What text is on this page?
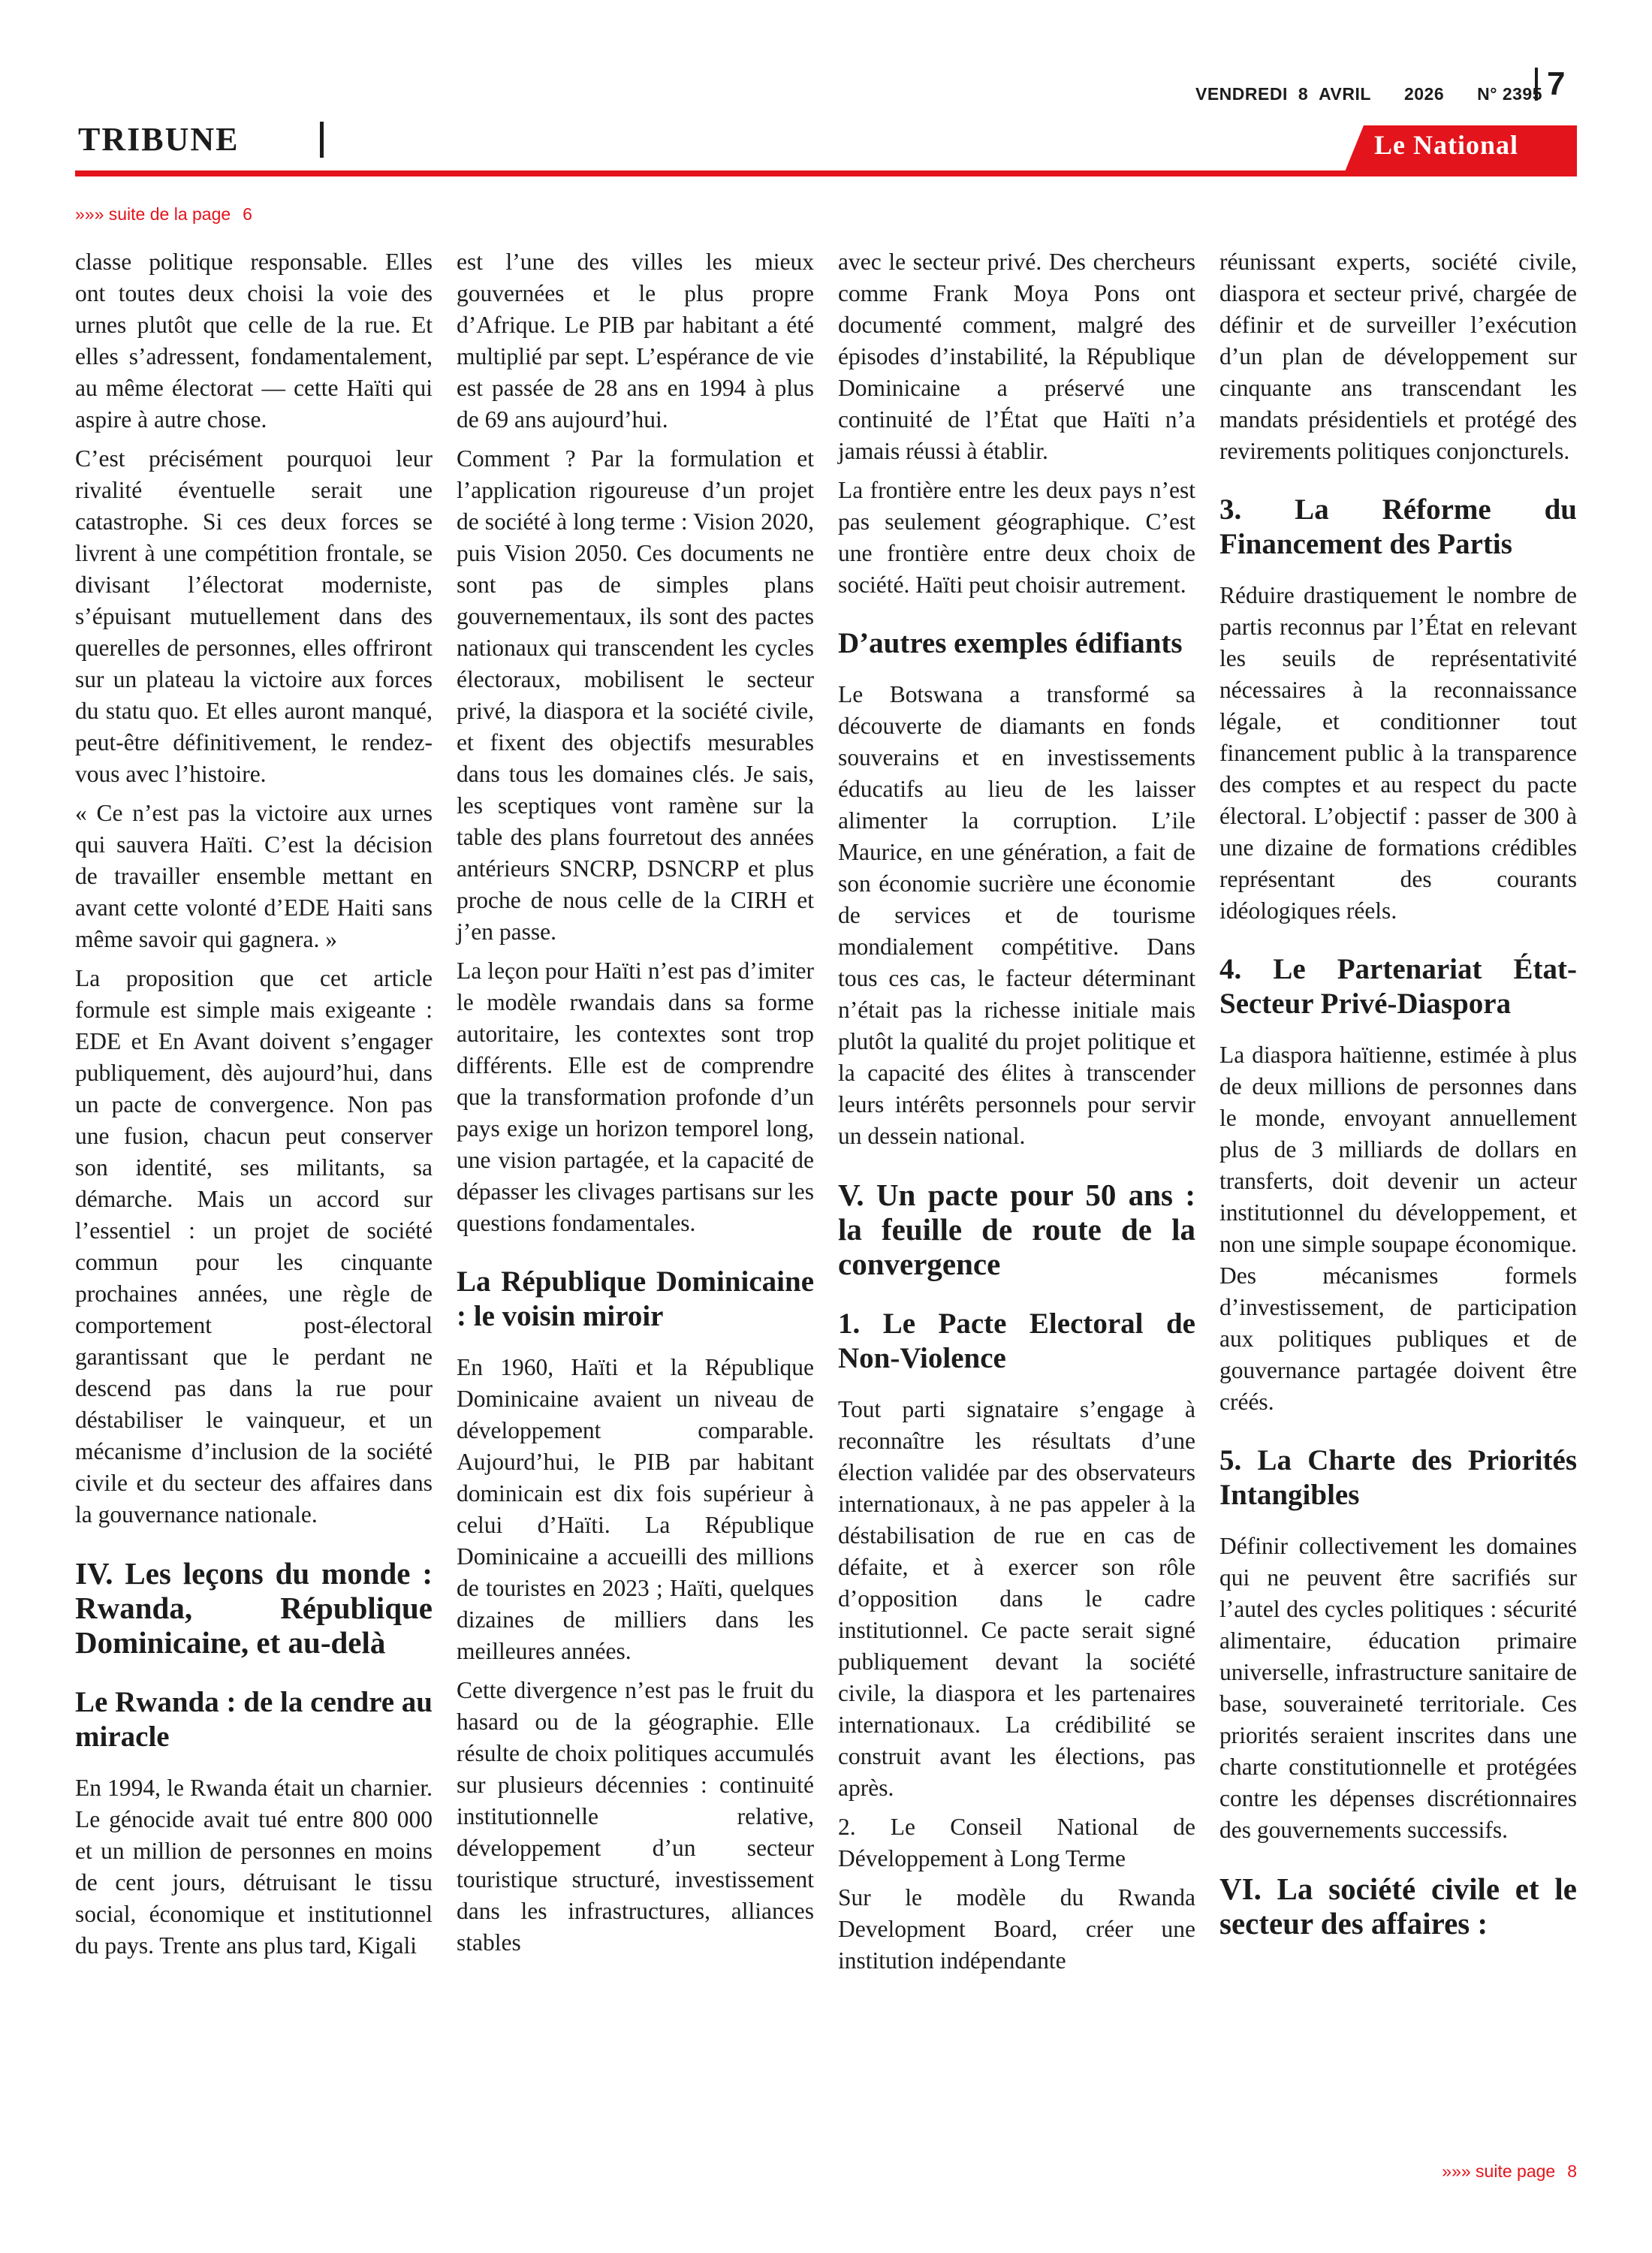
VENDREDI 8 AVRIL 2026 N° 2395 7
TRIBUNE	Le National
»»» suite de la page 6

classe politique responsable. Elles ont toutes deux choisi la voie des urnes plutôt que celle de la rue. Et elles s’adressent, fondamentalement, au même électorat — cette Haïti qui aspire à autre chose.

C’est précisément pourquoi leur rivalité éventuelle serait une catastrophe. Si ces deux forces se livrent à une compétition frontale, se divisant l’électorat moderniste, s’épuisant mutuellement dans des querelles de personnes, elles offriront sur un plateau la victoire aux forces du statu quo. Et elles auront manqué, peut-être définitivement, le rendez-vous avec l’histoire.

« Ce n’est pas la victoire aux urnes qui sauvera Haïti. C’est la décision de travailler ensemble mettant en avant cette volonté d’EDE Haiti sans même savoir qui gagnera. »

La proposition que cet article formule est simple mais exigeante : EDE et En Avant doivent s’engager publiquement, dès aujourd’hui, dans un pacte de convergence. Non pas une fusion, chacun peut conserver son identité, ses militants, sa démarche. Mais un accord sur l’essentiel : un projet de société commun pour les cinquante prochaines années, une règle de comportement post-électoral garantissant que le perdant ne descend pas dans la rue pour déstabiliser le vainqueur, et un mécanisme d’inclusion de la société civile et du secteur des affaires dans la gouvernance nationale.

IV. Les leçons du monde : Rwanda, République Dominicaine, et au-delà
Le Rwanda : de la cendre au miracle

En 1994, le Rwanda était un charnier. Le génocide avait tué entre 800 000 et un million de personnes en moins de cent jours, détruisant le tissu social, économique et institutionnel du pays. Trente ans plus tard, Kigali

est l’une des villes les mieux gouvernées et le plus propre d’Afrique. Le PIB par habitant a été multiplié par sept. L’espérance de vie est passée de 28 ans en 1994 à plus de 69 ans aujourd’hui.

Comment ? Par la formulation et l’application rigoureuse d’un projet de société à long terme : Vision 2020, puis Vision 2050. Ces documents ne sont pas de simples plans gouvernementaux, ils sont des pactes nationaux qui transcendent les cycles électoraux, mobilisent le secteur privé, la diaspora et la société civile, et fixent des objectifs mesurables dans tous les domaines clés. Je sais, les sceptiques vont ramène sur la table des plans fourretout des années antérieurs SNCRP, DSNCRP et plus proche de nous celle de la CIRH et j’en passe.

La leçon pour Haïti n’est pas d’imiter le modèle rwandais dans sa forme autoritaire, les contextes sont trop différents. Elle est de comprendre que la transformation profonde d’un pays exige un horizon temporel long, une vision partagée, et la capacité de dépasser les clivages partisans sur les questions fondamentales.

La République Dominicaine : le voisin miroir

En 1960, Haïti et la République Dominicaine avaient un niveau de développement comparable. Aujourd’hui, le PIB par habitant dominicain est dix fois supérieur à celui d’Haïti. La République Dominicaine a accueilli des millions de touristes en 2023 ; Haïti, quelques dizaines de milliers dans les meilleures années.

Cette divergence n’est pas le fruit du hasard ou de la géographie. Elle résulte de choix politiques accumulés sur plusieurs décennies : continuité institutionnelle relative, développement d’un secteur touristique structuré, investissement dans les infrastructures, alliances stables

avec le secteur privé. Des chercheurs comme Frank Moya Pons ont documenté comment, malgré des épisodes d’instabilité, la République Dominicaine a préservé une continuité de l’État que Haïti n’a jamais réussi à établir.

La frontière entre les deux pays n’est pas seulement géographique. C’est une frontière entre deux choix de société. Haïti peut choisir autrement.

D’autres exemples édifiants

Le Botswana a transformé sa découverte de diamants en fonds souverains et en investissements éducatifs au lieu de les laisser alimenter la corruption. L’ile Maurice, en une génération, a fait de son économie sucrière une économie de services et de tourisme mondialement compétitive. Dans tous ces cas, le facteur déterminant n’était pas la richesse initiale mais plutôt la qualité du projet politique et la capacité des élites à transcender leurs intérêts personnels pour servir un dessein national.

V. Un pacte pour 50 ans : la feuille de route de la convergence
1. Le Pacte Electoral de Non-Violence

Tout parti signataire s’engage à reconnaître les résultats d’une élection validée par des observateurs internationaux, à ne pas appeler à la déstabilisation de rue en cas de défaite, et à exercer son rôle d’opposition dans le cadre institutionnel. Ce pacte serait signé publiquement devant la société civile, la diaspora et les partenaires internationaux. La crédibilité se construit avant les élections, pas après.

2. Le Conseil National de Développement à Long Terme

Sur le modèle du Rwanda Development Board, créer une institution indépendante

réunissant experts, société civile, diaspora et secteur privé, chargée de définir et de surveiller l’exécution d’un plan de développement sur cinquante ans transcendant les mandats présidentiels et protégé des revirements politiques conjoncturels.

3. La Réforme du Financement des Partis

Réduire drastiquement le nombre de partis reconnus par l’État en relevant les seuils de représentativité nécessaires à la reconnaissance légale, et conditionner tout financement public à la transparence des comptes et au respect du pacte électoral. L’objectif : passer de 300 à une dizaine de formations crédibles représentant des courants idéologiques réels.

4. Le Partenariat État-Secteur Privé-Diaspora

La diaspora haïtienne, estimée à plus de deux millions de personnes dans le monde, envoyant annuellement plus de 3 milliards de dollars en transferts, doit devenir un acteur institutionnel du développement, et non une simple soupape économique. Des mécanismes formels d’investissement, de participation aux politiques publiques et de gouvernance partagée doivent être créés.

5. La Charte des Priorités Intangibles

Définir collectivement les domaines qui ne peuvent être sacrifiés sur l’autel des cycles politiques : sécurité alimentaire, éducation primaire universelle, infrastructure sanitaire de base, souveraineté territoriale. Ces priorités seraient inscrites dans une charte constitutionnelle et protégées contre les dépenses discrétionnaires des gouvernements successifs.

VI. La société civile et le secteur des affaires :
»»» suite page 8
